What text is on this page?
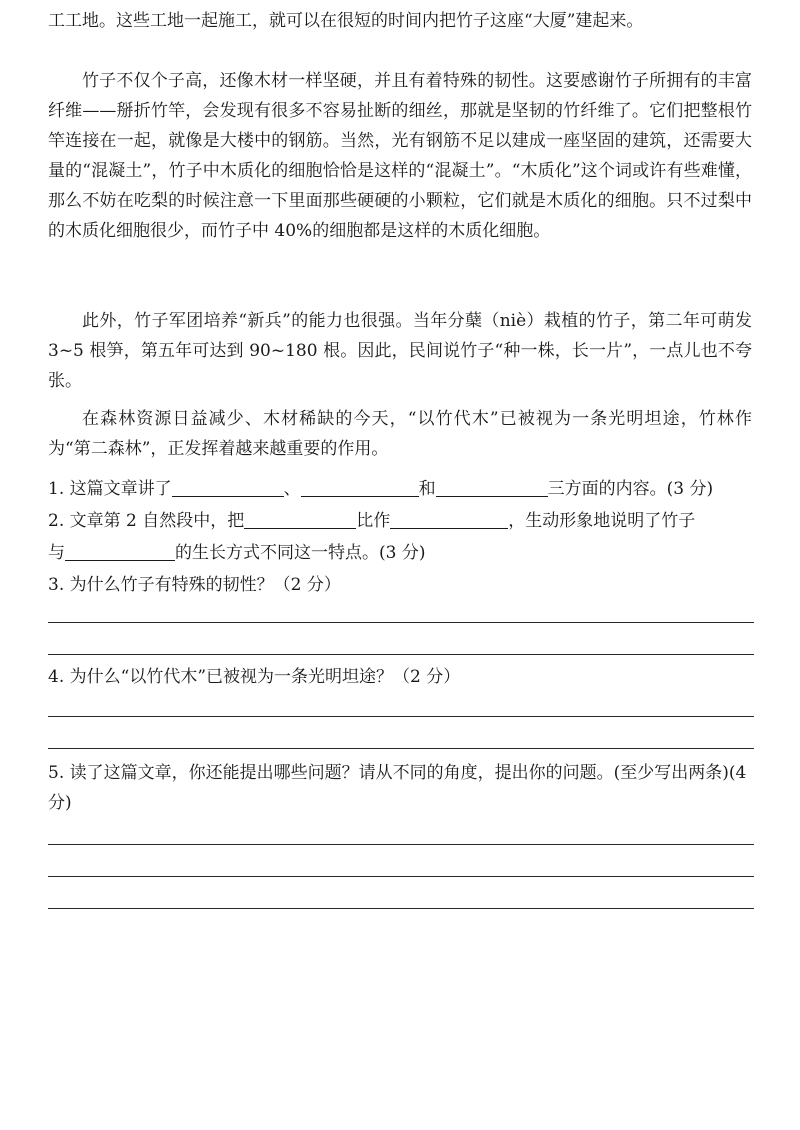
工工地。这些工地一起施工，就可以在很短的时间内把竹子这座“大厦”建起来。

竹子不仅个子高，还像木材一样坚硬，并且有着特殊的韧性。这要感谢竹子所拥有的丰富纤维——掰折竹竿，会发现有很多不容易扯断的细丝，那就是坚韧的竹纤维了。它们把整根竹竿连接在一起，就像是大楼中的钢筋。当然，光有钢筋不足以建成一座坚固的建筑，还需要大量的“混凝土”，竹子中木质化的细胞恰恰是这样的“混凝土”。“木质化”这个词或许有些难懂，那么不妨在吃梨的时候注意一下里面那些硬硬的小颗粒，它们就是木质化的细胞。只不过梨中的木质化细胞很少，而竹子中 40%的细胞都是这样的木质化细胞。

此外，竹子军团培养“新兵”的能力也很强。当年分蘖（niè）栽植的竹子，第二年可萌发 3~5 根笋，第五年可达到 90~180 根。因此，民间说竹子“种一株，长一片”，一点儿也不夸张。

在森林资源日益减少、木材稀缺的今天，“以竹代木”已被视为一条光明坦途，竹林作为“第二森林”，正发挥着越来越重要的作用。

1. 这篇文章讲了	、	和	三方面的内容。(3 分)
2. 文章第 2 自然段中，把	比作	，生动形象地说明了竹子
与	的生长方式不同这一特点。(3 分)
3. 为什么竹子有特殊的韧性？（2 分）
4. 为什么“以竹代木”已被视为一条光明坦途？（2 分）
5. 读了这篇文章，你还能提出哪些问题？请从不同的角度，提出你的问题。(至少写出两条)(4 分)
